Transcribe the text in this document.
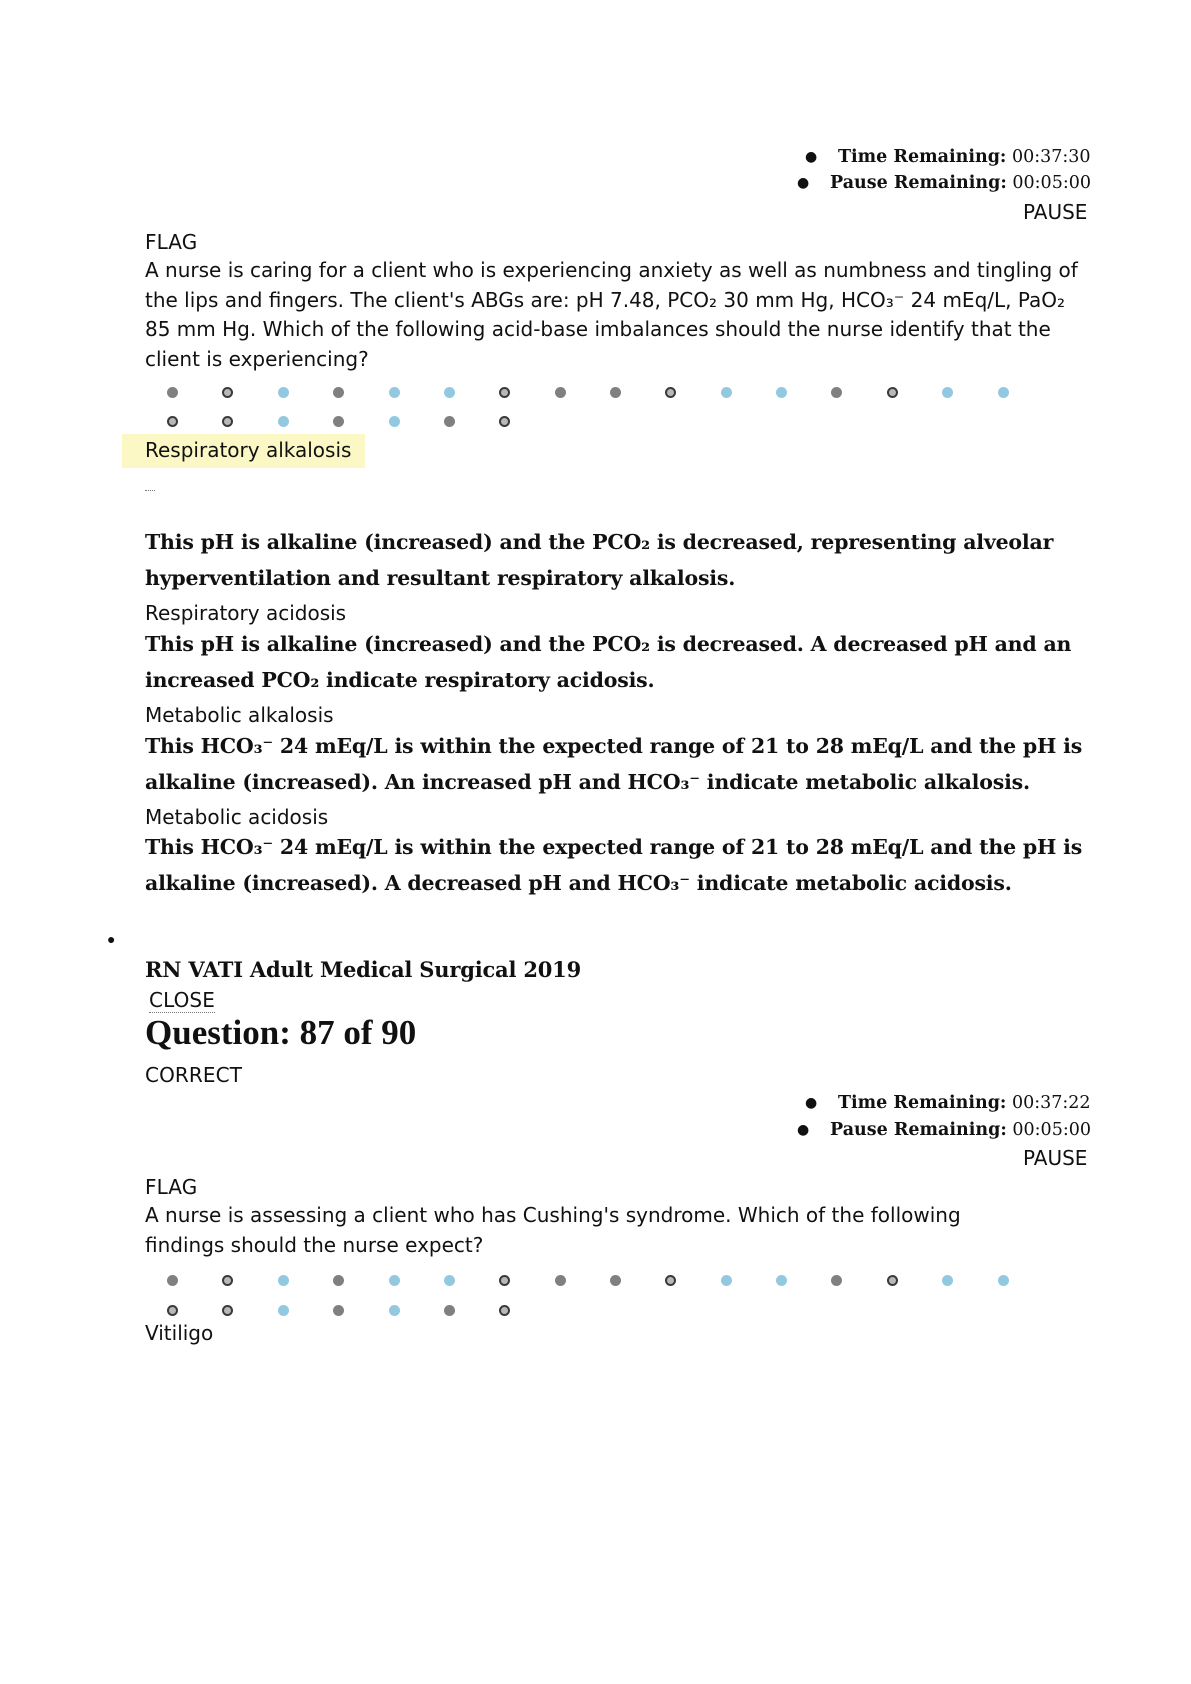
● Time Remaining: 00:37:30
● Pause Remaining: 00:05:00
PAUSE
FLAG
A nurse is caring for a client who is experiencing anxiety as well as numbness and tingling of the lips and fingers. The client's ABGs are: pH 7.48, PCO₂ 30 mm Hg, HCO₃⁻ 24 mEq/L, PaO₂ 85 mm Hg. Which of the following acid-base imbalances should the nurse identify that the client is experiencing?
Respiratory alkalosis
This pH is alkaline (increased) and the PCO₂ is decreased, representing alveolar hyperventilation and resultant respiratory alkalosis.
Respiratory acidosis
This pH is alkaline (increased) and the PCO₂ is decreased. A decreased pH and an increased PCO₂ indicate respiratory acidosis.
Metabolic alkalosis
This HCO₃⁻ 24 mEq/L is within the expected range of 21 to 28 mEq/L and the pH is alkaline (increased). An increased pH and HCO₃⁻ indicate metabolic alkalosis.
Metabolic acidosis
This HCO₃⁻ 24 mEq/L is within the expected range of 21 to 28 mEq/L and the pH is alkaline (increased). A decreased pH and HCO₃⁻ indicate metabolic acidosis.
●
RN VATI Adult Medical Surgical 2019
CLOSE
Question: 87 of 90
CORRECT
● Time Remaining: 00:37:22
● Pause Remaining: 00:05:00
PAUSE
FLAG
A nurse is assessing a client who has Cushing's syndrome. Which of the following findings should the nurse expect?
Vitiligo
